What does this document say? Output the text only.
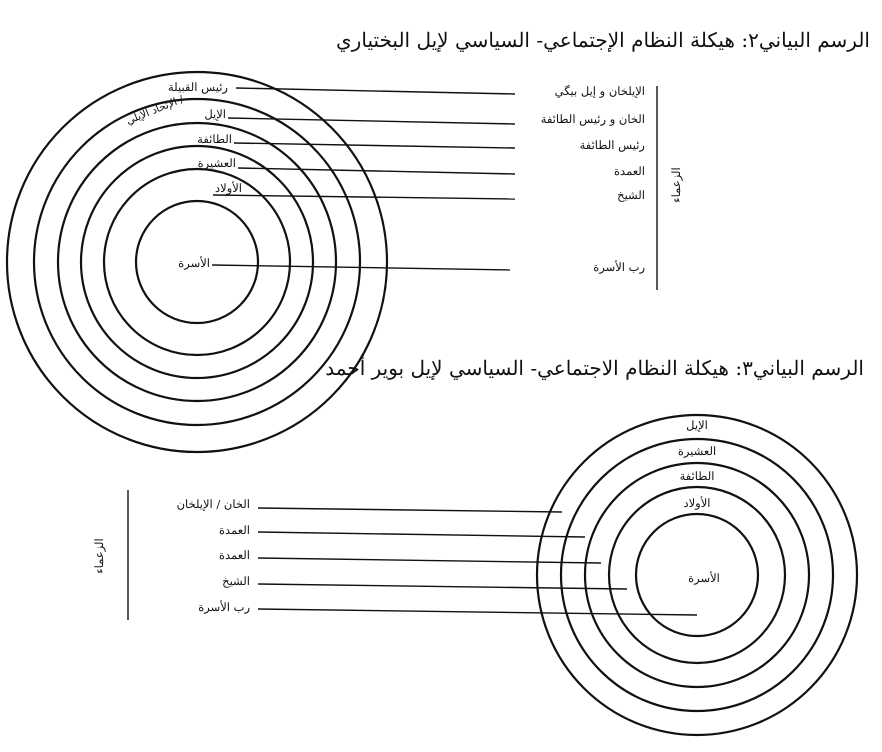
الرسم البياني۲: هيكلة النظام الإجتماعي- السياسي لإيل البختياري
رئيس القبيلة
الإتحاد الإيلي /
الإيل
الطائفة
العشيرة
الأولاد
الأسرة
الإيلخان و إيل بيگي
الخان و رئيس الطائفة
رئيس الطائفة
العمدة
الشيخ
رب الأسرة
الزعماء
الرسم البياني۳: هيكلة النظام الاجتماعي- السياسي لإيل بوير أحمد
الإيل
العشيرة
الطائفة
الأولاد
الأسرة
الخان / الإيلخان
العمدة
العمدة
الشيخ
رب الأسرة
الزعماء
